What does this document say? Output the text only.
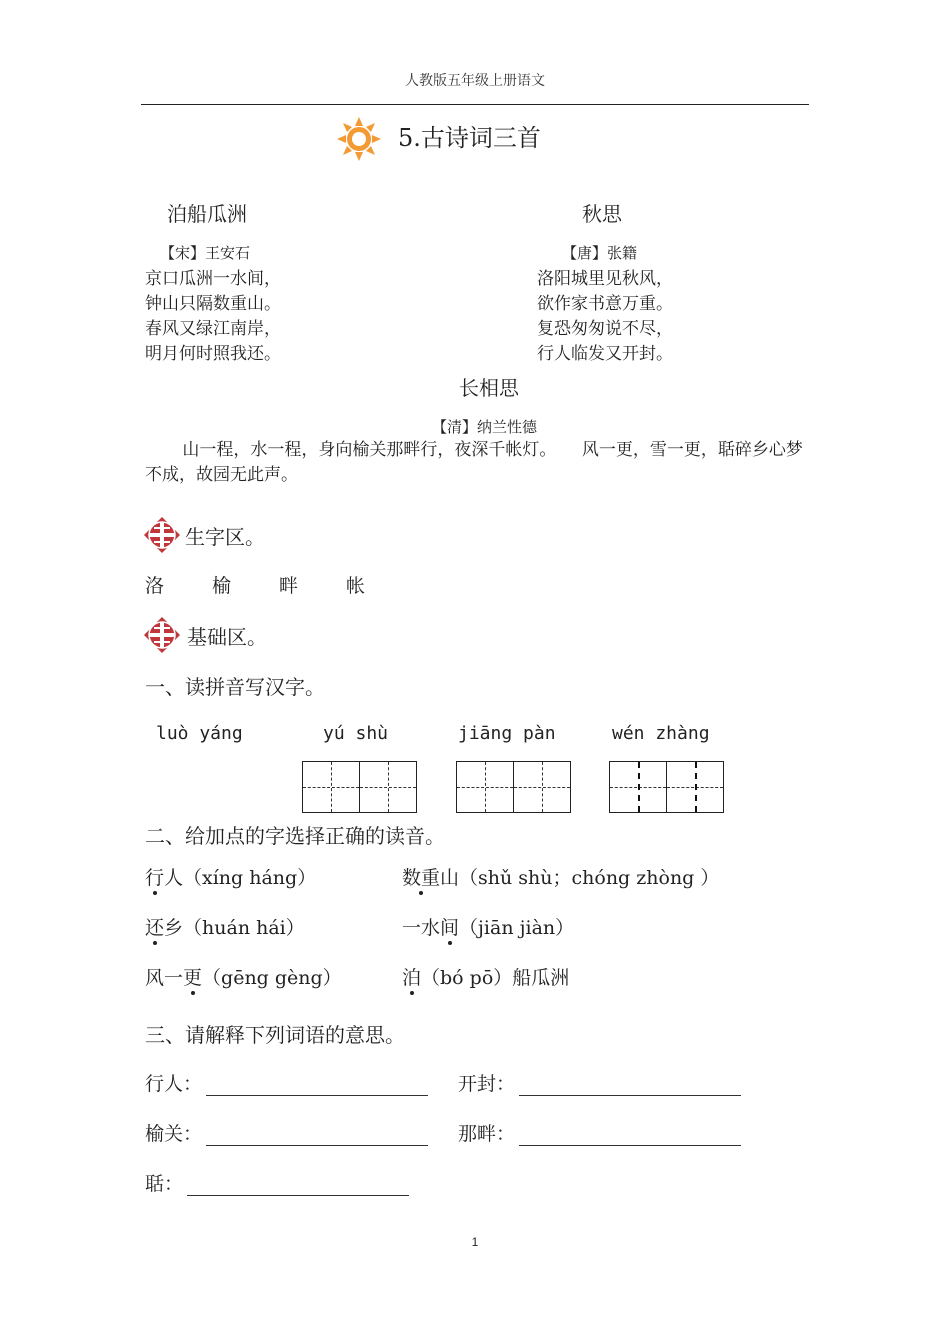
人教版五年级上册语文
5.古诗词三首
泊船瓜洲
【宋】王安石
京口瓜洲一水间，
钟山只隔数重山。
春风又绿江南岸，
明月何时照我还。
秋思
【唐】张籍
洛阳城里见秋风，
欲作家书意万重。
复恐匆匆说不尽，
行人临发又开封。
长相思
【清】纳兰性德
山一程，水一程，身向榆关那畔行，夜深千帐灯。　　风一更，雪一更，聒碎乡心梦不成，故园无此声。
生字区。
洛	榆	畔	帐
基础区。
一、读拼音写汉字。
luò yáng	yú shù	jiāng pàn	wén zhàng
二、给加点的字选择正确的读音。
行人（xíng háng）	数重山（shǔ shù；chóng zhòng ）
还乡（huán hái）	一水间（jiān jiàn）
风一更（gēng gèng）	泊（bó pō）船瓜洲
三、请解释下列词语的意思。
行人：	开封：
榆关：	那畔：
聒：
1
